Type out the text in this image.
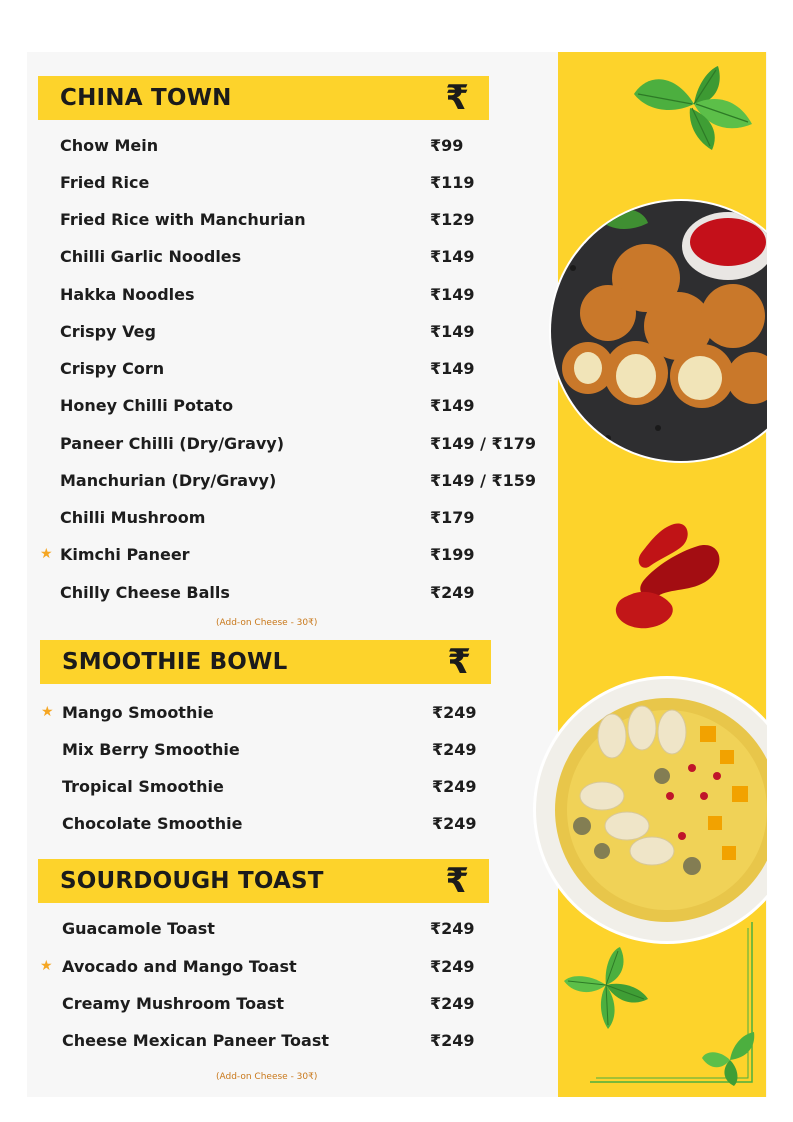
CHINA TOWN	₹
Chow Mein	₹99
Fried Rice	₹119
Fried Rice with Manchurian	₹129
Chilli Garlic Noodles	₹149
Hakka Noodles	₹149
Crispy Veg	₹149
Crispy Corn	₹149
Honey Chilli Potato	₹149
Paneer Chilli (Dry/Gravy)	₹149 / ₹179
Manchurian (Dry/Gravy)	₹149 / ₹159
Chilli Mushroom	₹179
★ Kimchi Paneer	₹199
Chilly Cheese Balls	₹249
(Add-on Cheese - 30₹)
SMOOTHIE BOWL	₹
★ Mango Smoothie	₹249
Mix Berry Smoothie	₹249
Tropical Smoothie	₹249
Chocolate Smoothie	₹249
SOURDOUGH TOAST	₹
Guacamole Toast	₹249
★ Avocado and Mango Toast	₹249
Creamy Mushroom Toast	₹249
Cheese Mexican Paneer Toast	₹249
(Add-on Cheese - 30₹)
